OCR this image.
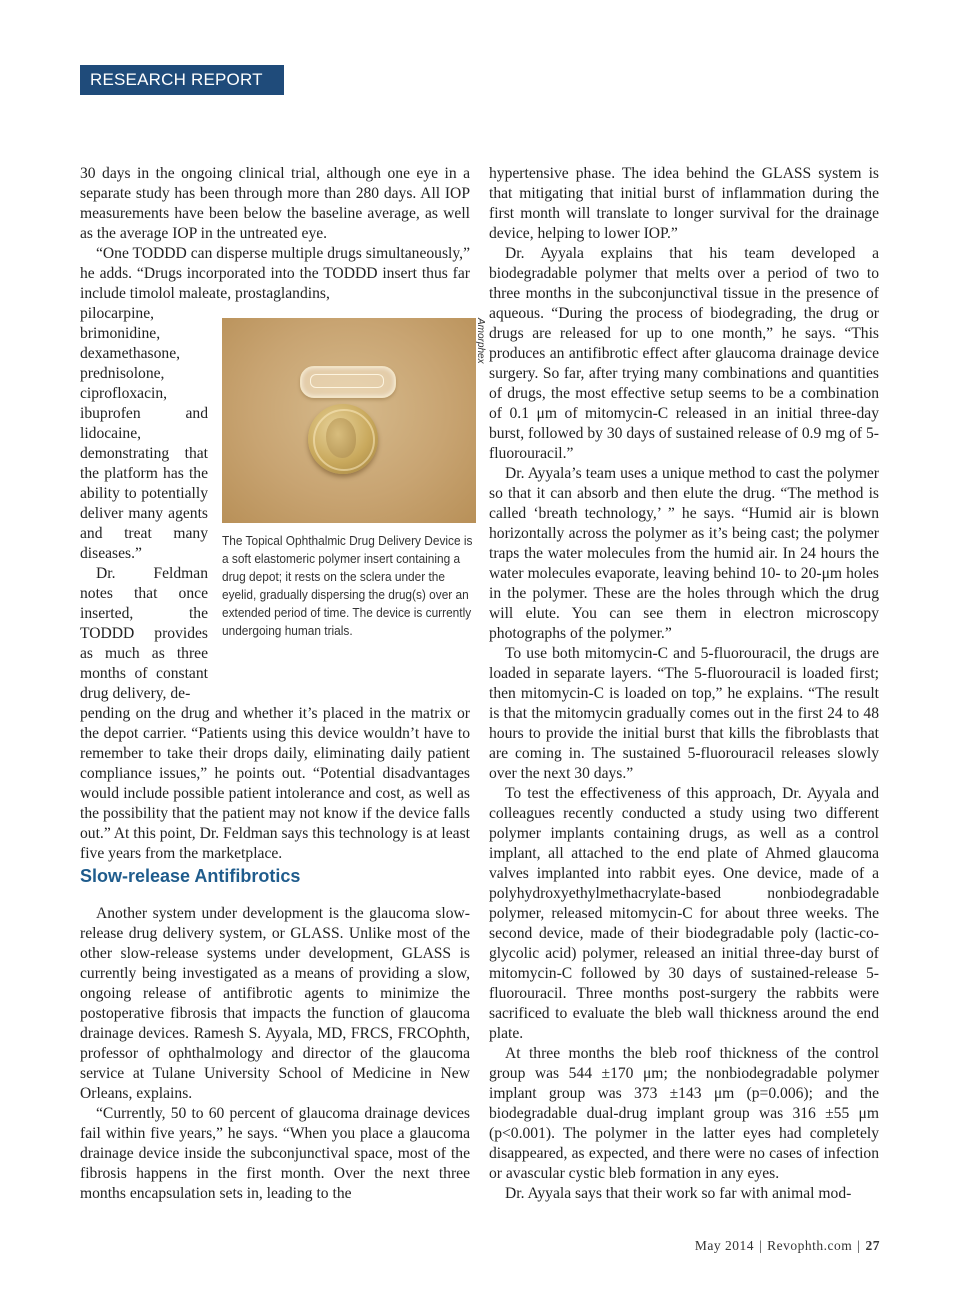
RESEARCH REPORT

30 days in the ongoing clinical trial, although one eye in a separate study has been through more than 280 days. All IOP measurements have been below the baseline average, as well as the average IOP in the untreated eye.

“One TODDD can disperse multiple drugs simultaneously,” he adds. “Drugs incorporated into the TODDD insert thus far include timolol maleate, prostaglandins,

pilocarpine, brimonidine, dexamethasone, prednisolone, ciprofloxacin, ibuprofen and lidocaine, demonstrating that the platform has the ability to potentially deliver many agents and treat many diseases.”

Dr. Feldman notes that once inserted, the TODDD provides as much as three months of constant drug delivery, de-

pending on the drug and whether it’s placed in the matrix or the depot carrier. “Patients using this device wouldn’t have to remember to take their drops daily, eliminating daily patient compliance issues,” he points out. “Potential disadvantages would include possible patient intolerance and cost, as well as the possibility that the patient may not know if the device falls out.” At this point, Dr. Feldman says this technology is at least five years from the marketplace.

Amorphex

The Topical Ophthalmic Drug Delivery Device is a soft elastomeric polymer insert containing a drug depot; it rests on the sclera under the eyelid, gradually dispersing the drug(s) over an extended period of time. The device is currently undergoing human trials.

Slow-release Antifibrotics

Another system under development is the glaucoma slow-release drug delivery system, or GLASS. Unlike most of the other slow-release systems under development, GLASS is currently being investigated as a means of providing a slow, ongoing release of antifibrotic agents to minimize the postoperative fibrosis that impacts the function of glaucoma drainage devices. Ramesh S. Ayyala, MD, FRCS, FRCOphth, professor of ophthalmology and director of the glaucoma service at Tulane University School of Medicine in New Orleans, explains.

“Currently, 50 to 60 percent of glaucoma drainage devices fail within five years,” he says. “When you place a glaucoma drainage device inside the subconjunctival space, most of the fibrosis happens in the first month. Over the next three months encapsulation sets in, leading to the

hypertensive phase. The idea behind the GLASS system is that mitigating that initial burst of inflammation during the first month will translate to longer survival for the drainage device, helping to lower IOP.”

Dr. Ayyala explains that his team developed a biodegradable polymer that melts over a period of two to three months in the subconjunctival tissue in the presence of aqueous. “During the process of biodegrading, the drug or drugs are released for up to one month,” he says. “This produces an antifibrotic effect after glaucoma drainage device surgery. So far, after trying many combinations and quantities of drugs, the most effective setup seems to be a combination of 0.1 μm of mitomycin-C released in an initial three-day burst, followed by 30 days of sustained release of 0.9 mg of 5-fluorouracil.”

Dr. Ayyala’s team uses a unique method to cast the polymer so that it can absorb and then elute the drug. “The method is called ‘breath technology,’ ” he says. “Humid air is blown horizontally across the polymer as it’s being cast; the polymer traps the water molecules from the humid air. In 24 hours the water molecules evaporate, leaving behind 10- to 20-μm holes in the polymer. These are the holes through which the drug will elute. You can see them in electron microscopy photographs of the polymer.”

To use both mitomycin-C and 5-fluorouracil, the drugs are loaded in separate layers. “The 5-fluorouracil is loaded first; then mitomycin-C is loaded on top,” he explains. “The result is that the mitomycin gradually comes out in the first 24 to 48 hours to provide the initial burst that kills the fibroblasts that are coming in. The sustained 5-fluorouracil releases slowly over the next 30 days.”

To test the effectiveness of this approach, Dr. Ayyala and colleagues recently conducted a study using two different polymer implants containing drugs, as well as a control implant, all attached to the end plate of Ahmed glaucoma valves implanted into rabbit eyes. One device, made of a polyhydroxyethylmethacrylate-based nonbiodegradable polymer, released mitomycin-C for about three weeks. The second device, made of their biodegradable poly (lactic-co-glycolic acid) polymer, released an initial three-day burst of mitomycin-C followed by 30 days of sustained-release 5-fluorouracil. Three months post-surgery the rabbits were sacrificed to evaluate the bleb wall thickness around the end plate.

At three months the bleb roof thickness of the control group was 544 ±170 μm; the nonbiodegradable polymer implant group was 373 ±143 μm (p=0.006); and the biodegradable dual-drug implant group was 316 ±55 μm (p<0.001). The polymer in the latter eyes had completely disappeared, as expected, and there were no cases of infection or avascular cystic bleb formation in any eyes.

Dr. Ayyala says that their work so far with animal mod-

May 2014 | Revophth.com | 27
